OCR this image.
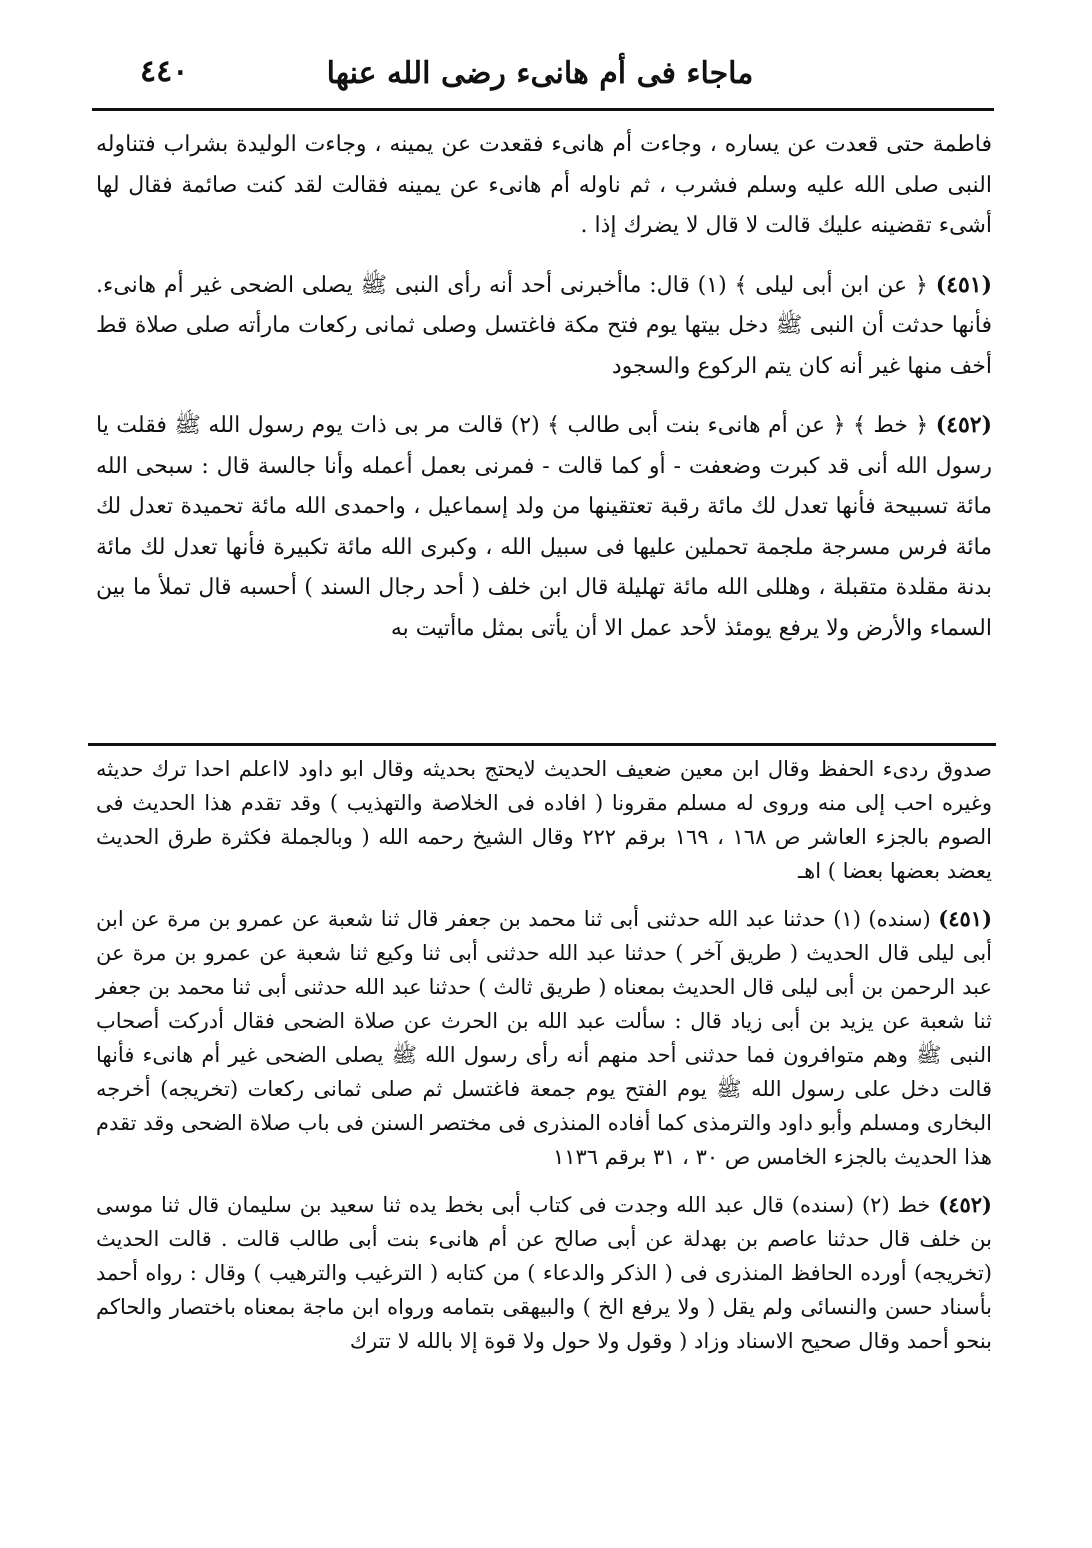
٤٤٠	ماجاء فى أم هانىء رضى الله عنها

فاطمة حتى قعدت عن يساره ، وجاءت أم هانىء فقعدت عن يمينه ، وجاءت الوليدة بشراب فتناوله النبى صلى الله عليه وسلم فشرب ، ثم ناوله أم هانىء عن يمينه فقالت لقد كنت صائمة فقال لها أشىء تقضينه عليك قالت لا قال لا يضرك إذا .

(٤٥١) ﴿ عن ابن أبى ليلى ﴾ (١) قال: ماأخبرنى أحد أنه رأى النبى ﷺ يصلى الضحى غير أم هانىء. فأنها حدثت أن النبى ﷺ دخل بيتها يوم فتح مكة فاغتسل وصلى ثمانى ركعات مارأته صلى صلاة قط أخف منها غير أنه كان يتم الركوع والسجود

(٤٥٢) ﴿ خط ﴾ ﴿ عن أم هانىء بنت أبى طالب ﴾ (٢) قالت مر بى ذات يوم رسول الله ﷺ فقلت يا رسول الله أنى قد كبرت وضعفت - أو كما قالت - فمرنى بعمل أعمله وأنا جالسة قال : سبحى الله مائة تسبيحة فأنها تعدل لك مائة رقبة تعتقينها من ولد إسماعيل ، واحمدى الله مائة تحميدة تعدل لك مائة فرس مسرجة ملجمة تحملين عليها فى سبيل الله ، وكبرى الله مائة تكبيرة فأنها تعدل لك مائة بدنة مقلدة متقبلة ، وهللى الله مائة تهليلة قال ابن خلف ( أحد رجال السند ) أحسبه قال تملأ ما بين السماء والأرض ولا يرفع يومئذ لأحد عمل الا أن يأتى بمثل ماأتيت به

صدوق ردىء الحفظ وقال ابن معين ضعيف الحديث لايحتج بحديثه وقال ابو داود لااعلم احدا ترك حديثه وغيره احب إلى منه وروى له مسلم مقرونا ( افاده فى الخلاصة والتهذيب ) وقد تقدم هذا الحديث فى الصوم بالجزء العاشر ص ١٦٨ ، ١٦٩ برقم ٢٢٢ وقال الشيخ رحمه الله ( وبالجملة فكثرة طرق الحديث يعضد بعضها بعضا ) اهـ

(٤٥١) (سنده) (١) حدثنا عبد الله حدثنى أبى ثنا محمد بن جعفر قال ثنا شعبة عن عمرو بن مرة عن ابن أبى ليلى قال الحديث ( طريق آخر ) حدثنا عبد الله حدثنى أبى ثنا وكيع ثنا شعبة عن عمرو بن مرة عن عبد الرحمن بن أبى ليلى قال الحديث بمعناه ( طريق ثالث ) حدثنا عبد الله حدثنى أبى ثنا محمد بن جعفر ثنا شعبة عن يزيد بن أبى زياد قال : سألت عبد الله بن الحرث عن صلاة الضحى فقال أدركت أصحاب النبى ﷺ وهم متوافرون فما حدثنى أحد منهم أنه رأى رسول الله ﷺ يصلى الضحى غير أم هانىء فأنها قالت دخل على رسول الله ﷺ يوم الفتح يوم جمعة فاغتسل ثم صلى ثمانى ركعات (تخريجه) أخرجه البخارى ومسلم وأبو داود والترمذى كما أفاده المنذرى فى مختصر السنن فى باب صلاة الضحى وقد تقدم هذا الحديث بالجزء الخامس ص ٣٠ ، ٣١ برقم ١١٣٦

(٤٥٢) خط (٢) (سنده) قال عبد الله وجدت فى كتاب أبى بخط يده ثنا سعيد بن سليمان قال ثنا موسى بن خلف قال حدثنا عاصم بن بهدلة عن أبى صالح عن أم هانىء بنت أبى طالب قالت . قالت الحديث (تخريجه) أورده الحافظ المنذرى فى ( الذكر والدعاء ) من كتابه ( الترغيب والترهيب ) وقال : رواه أحمد بأسناد حسن والنسائى ولم يقل ( ولا يرفع الخ ) والبيهقى بتمامه ورواه ابن ماجة بمعناه باختصار والحاكم بنحو أحمد وقال صحيح الاسناد وزاد ( وقول ولا حول ولا قوة إلا بالله لا تترك
